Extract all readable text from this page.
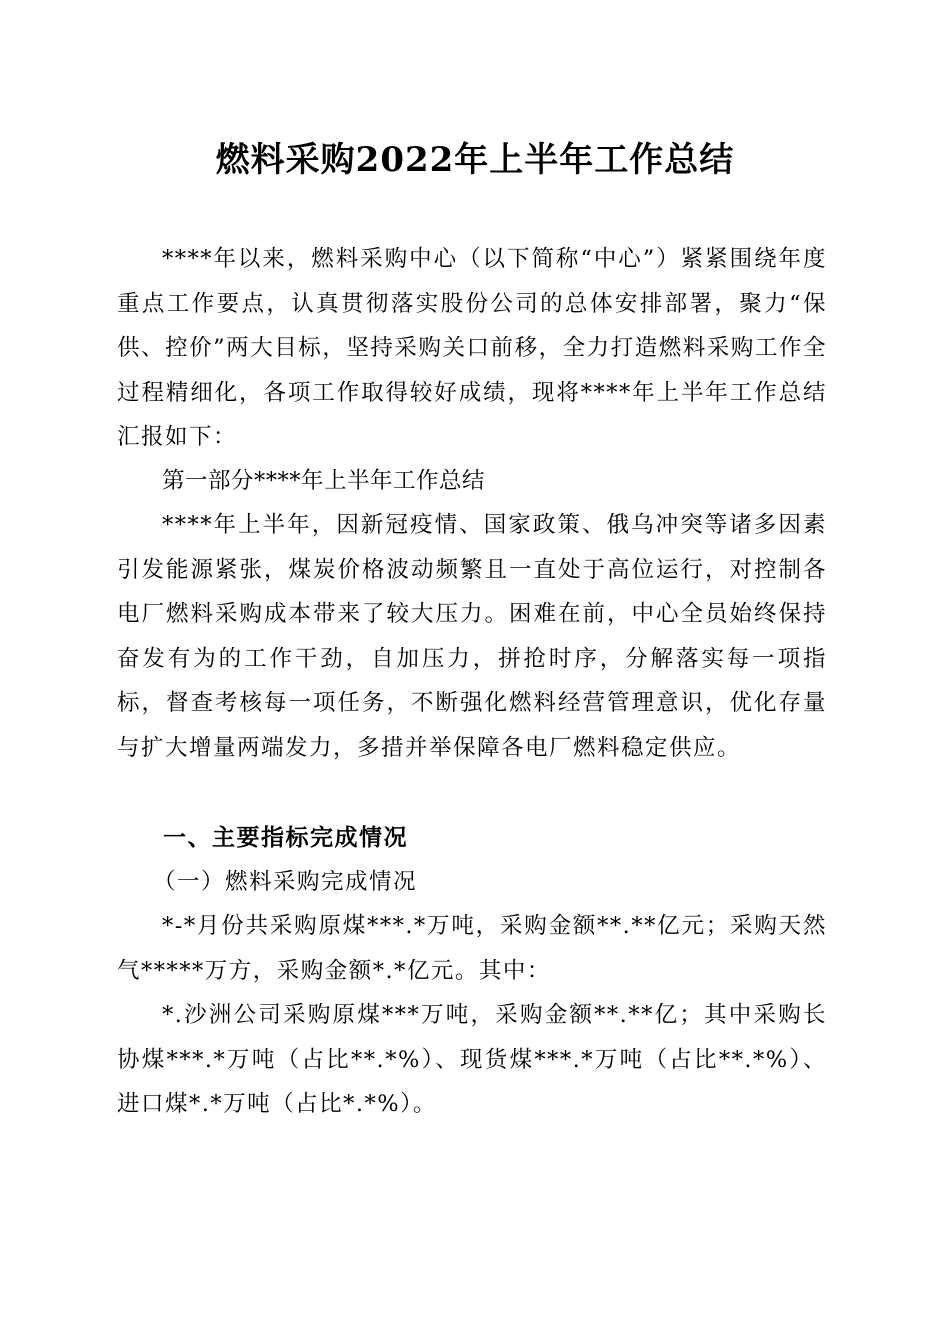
燃料采购2022年上半年工作总结

****年以来，燃料采购中心（以下简称“中心”）紧紧围绕年度重点工作要点，认真贯彻落实股份公司的总体安排部署，聚力“保供、控价”两大目标，坚持采购关口前移，全力打造燃料采购工作全过程精细化，各项工作取得较好成绩，现将****年上半年工作总结汇报如下：

第一部分****年上半年工作总结

****年上半年，因新冠疫情、国家政策、俄乌冲突等诸多因素引发能源紧张，煤炭价格波动频繁且一直处于高位运行，对控制各电厂燃料采购成本带来了较大压力。困难在前，中心全员始终保持奋发有为的工作干劲，自加压力，拼抢时序，分解落实每一项指标，督查考核每一项任务，不断强化燃料经营管理意识，优化存量与扩大增量两端发力，多措并举保障各电厂燃料稳定供应。

一、主要指标完成情况

（一）燃料采购完成情况

*-*月份共采购原煤***.*万吨，采购金额**.**亿元；采购天然气*****万方，采购金额*.*亿元。其中：

*.沙洲公司采购原煤***万吨，采购金额**.**亿；其中采购长协煤***.*万吨（占比**.*%）、现货煤***.*万吨（占比**.*%）、进口煤*.*万吨（占比*.*%）。
